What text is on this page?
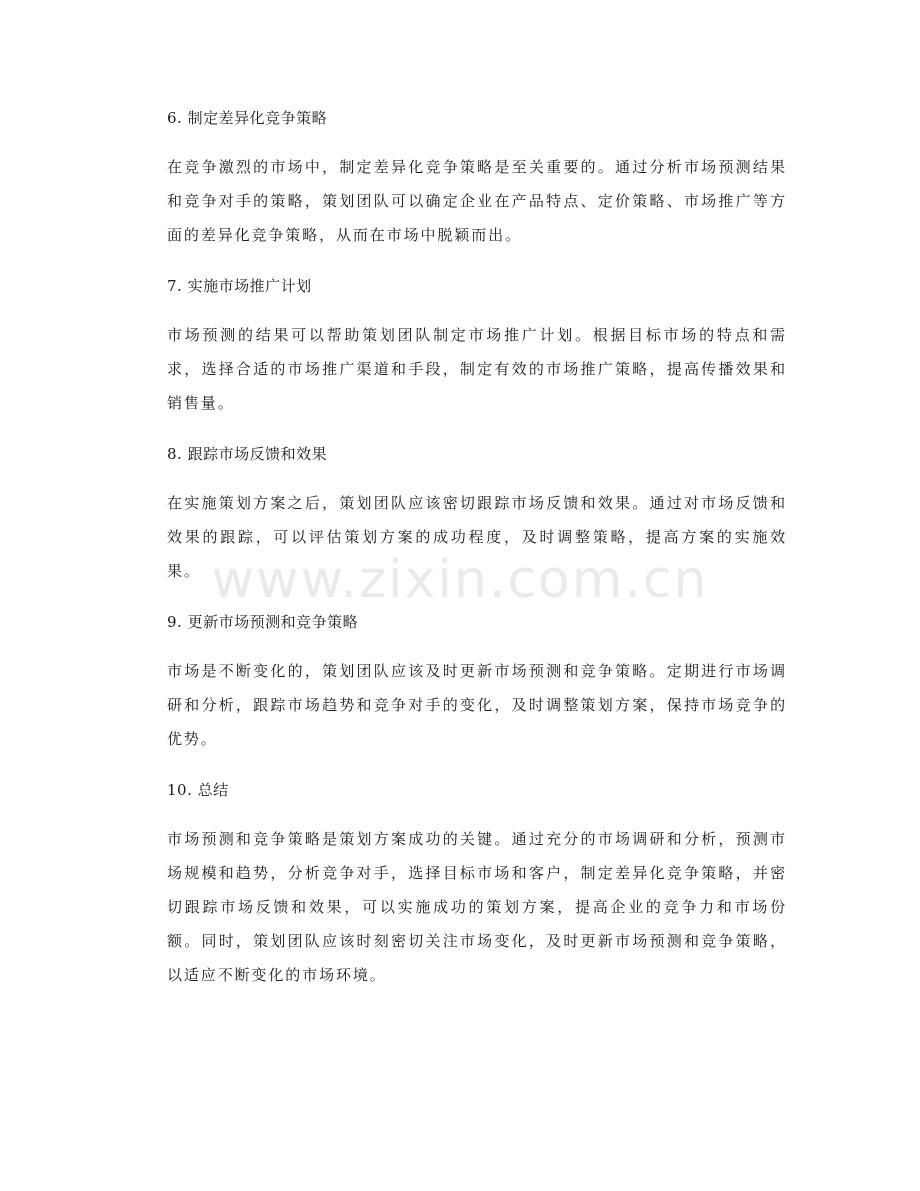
6. 制定差异化竞争策略

在竞争激烈的市场中，制定差异化竞争策略是至关重要的。通过分析市场预测结果和竞争对手的策略，策划团队可以确定企业在产品特点、定价策略、市场推广等方面的差异化竞争策略，从而在市场中脱颖而出。

7. 实施市场推广计划

市场预测的结果可以帮助策划团队制定市场推广计划。根据目标市场的特点和需求，选择合适的市场推广渠道和手段，制定有效的市场推广策略，提高传播效果和销售量。

8. 跟踪市场反馈和效果

在实施策划方案之后，策划团队应该密切跟踪市场反馈和效果。通过对市场反馈和效果的跟踪，可以评估策划方案的成功程度，及时调整策略，提高方案的实施效果。

9. 更新市场预测和竞争策略

市场是不断变化的，策划团队应该及时更新市场预测和竞争策略。定期进行市场调研和分析，跟踪市场趋势和竞争对手的变化，及时调整策划方案，保持市场竞争的优势。

10. 总结

市场预测和竞争策略是策划方案成功的关键。通过充分的市场调研和分析，预测市场规模和趋势，分析竞争对手，选择目标市场和客户，制定差异化竞争策略，并密切跟踪市场反馈和效果，可以实施成功的策划方案，提高企业的竞争力和市场份额。同时，策划团队应该时刻密切关注市场变化，及时更新市场预测和竞争策略，以适应不断变化的市场环境。

www.zixin.com.cn
